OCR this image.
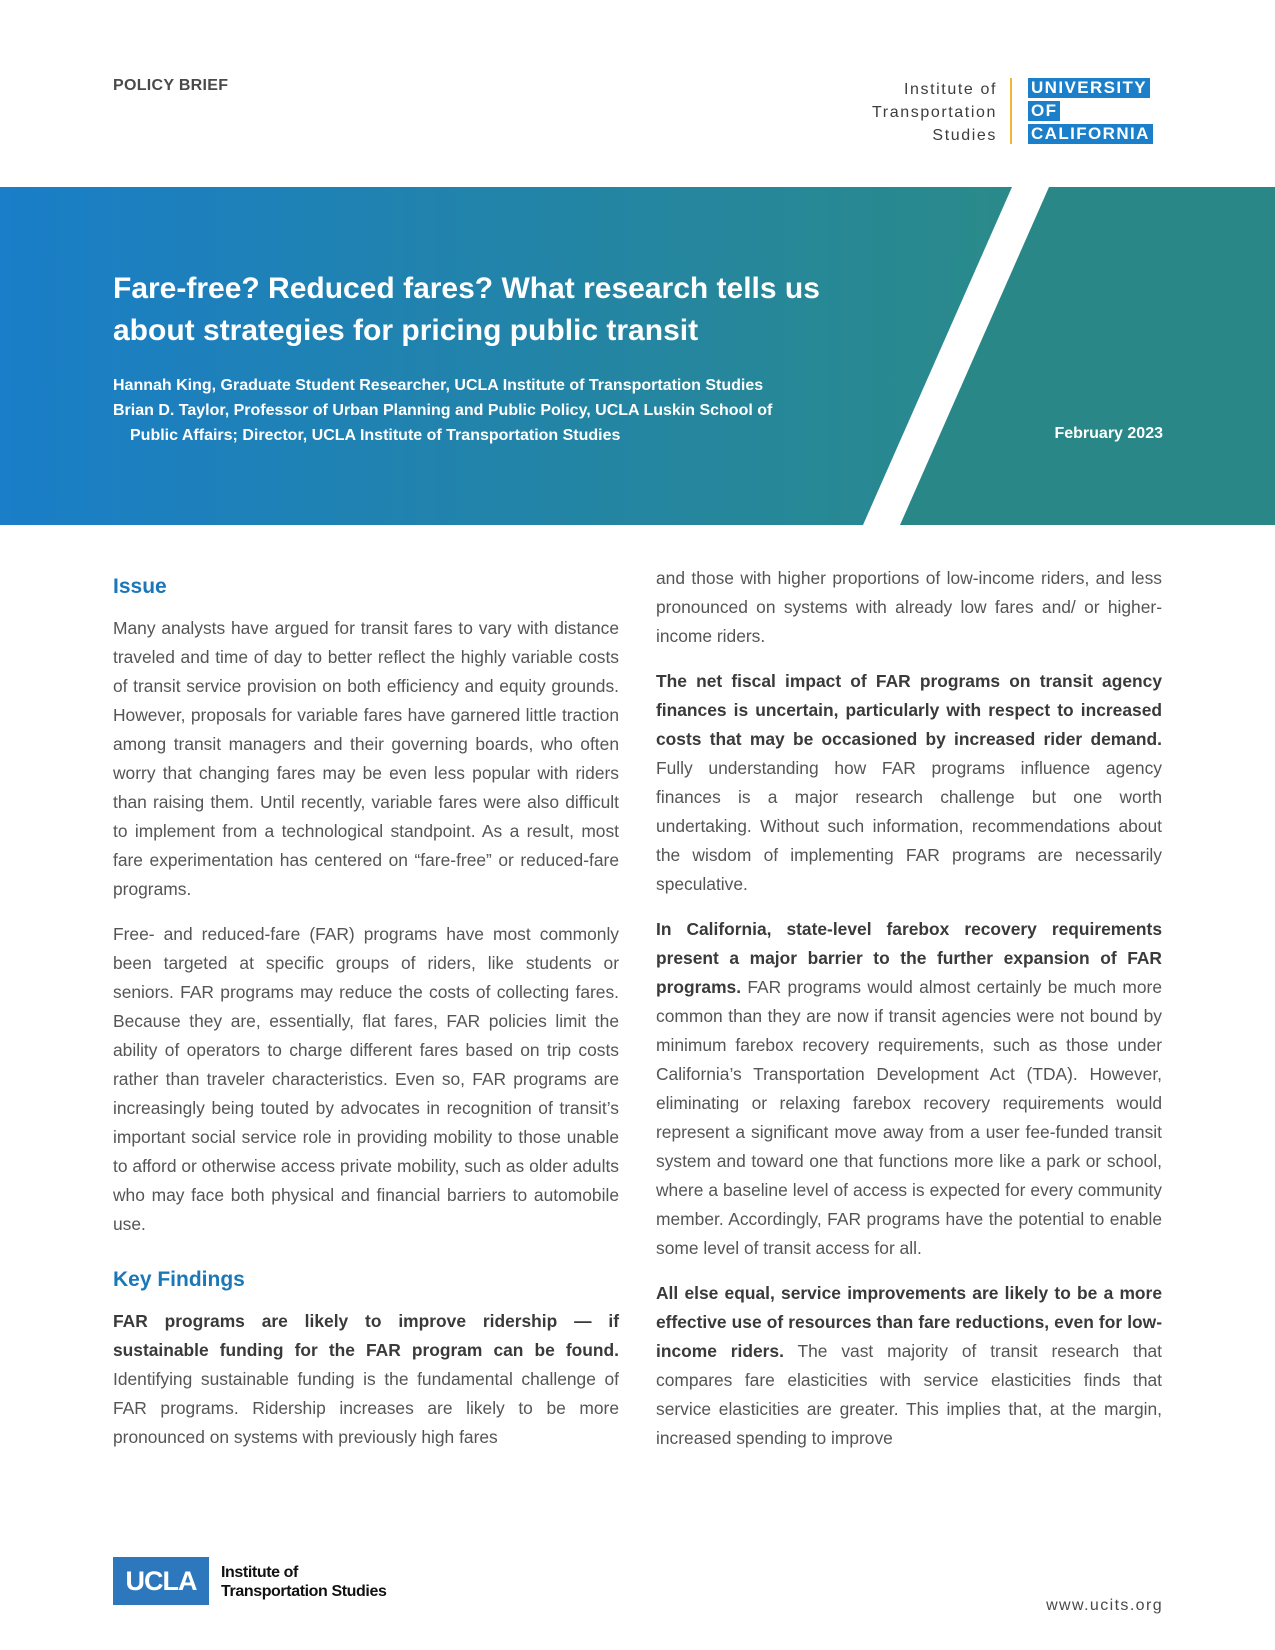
POLICY BRIEF	Institute of
Transportation
Studies
UNIVERSITY
OF
CALIFORNIA
Fare-free? Reduced fares? What research tells us about strategies for pricing public transit
Hannah King, Graduate Student Researcher, UCLA Institute of Transportation Studies
Brian D. Taylor, Professor of Urban Planning and Public Policy, UCLA Luskin School of
Public Affairs; Director, UCLA Institute of Transportation Studies	February 2023
Issue

Many analysts have argued for transit fares to vary with distance traveled and time of day to better reflect the highly variable costs of transit service provision on both efficiency and equity grounds. However, proposals for variable fares have garnered little traction among transit managers and their governing boards, who often worry that changing fares may be even less popular with riders than raising them. Until recently, variable fares were also difficult to implement from a technological standpoint. As a result, most fare experimentation has centered on “fare-free” or reduced-fare programs.

Free- and reduced-fare (FAR) programs have most commonly been targeted at specific groups of riders, like students or seniors. FAR programs may reduce the costs of collecting fares. Because they are, essentially, flat fares, FAR policies limit the ability of operators to charge different fares based on trip costs rather than traveler characteristics. Even so, FAR programs are increasingly being touted by advocates in recognition of transit’s important social service role in providing mobility to those unable to afford or otherwise access private mobility, such as older adults who may face both physical and financial barriers to automobile use.

Key Findings

FAR programs are likely to improve ridership — if sustainable funding for the FAR program can be found. Identifying sustainable funding is the fundamental challenge of FAR programs. Ridership increases are likely to be more pronounced on systems with previously high fares

and those with higher proportions of low-income riders, and less pronounced on systems with already low fares and/ or higher-income riders.

The net fiscal impact of FAR programs on transit agency finances is uncertain, particularly with respect to increased costs that may be occasioned by increased rider demand. Fully understanding how FAR programs influence agency finances is a major research challenge but one worth undertaking. Without such information, recommendations about the wisdom of implementing FAR programs are necessarily speculative.

In California, state-level farebox recovery requirements present a major barrier to the further expansion of FAR programs. FAR programs would almost certainly be much more common than they are now if transit agencies were not bound by minimum farebox recovery requirements, such as those under California’s Transportation Development Act (TDA). However, eliminating or relaxing farebox recovery requirements would represent a significant move away from a user fee-funded transit system and toward one that functions more like a park or school, where a baseline level of access is expected for every community member. Accordingly, FAR programs have the potential to enable some level of transit access for all.

All else equal, service improvements are likely to be a more effective use of resources than fare reductions, even for low-income riders. The vast majority of transit research that compares fare elasticities with service elasticities finds that service elasticities are greater. This implies that, at the margin, increased spending to improve

UCLA	Institute of
Transportation Studies
www.ucits.org
